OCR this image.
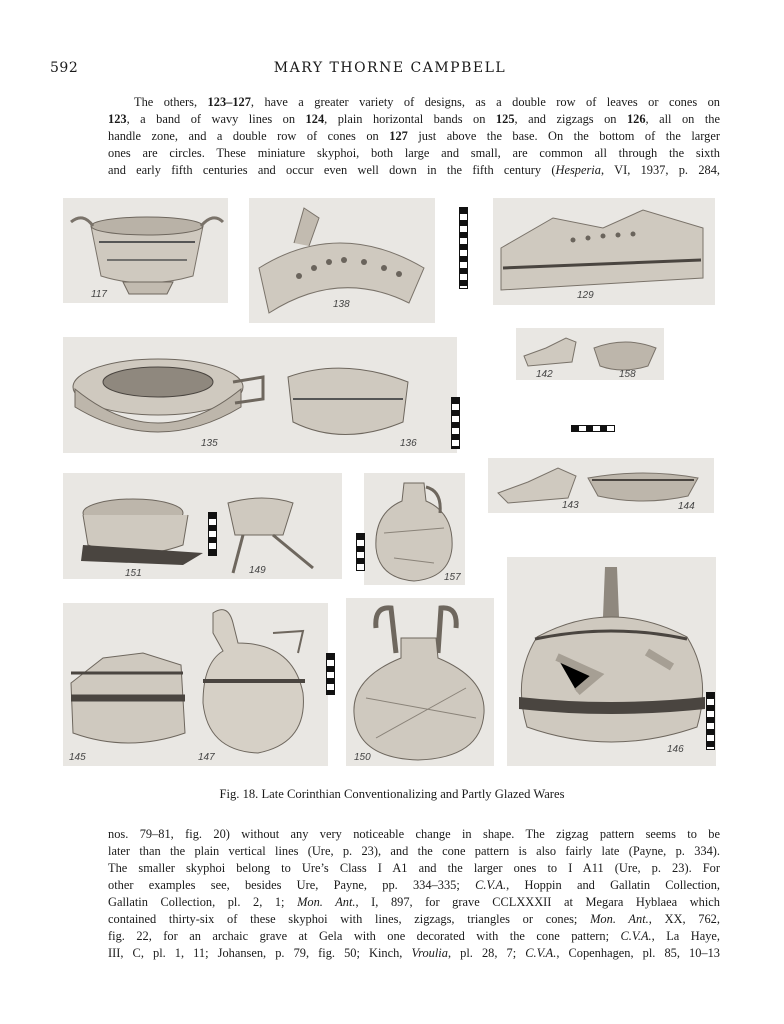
592	MARY THORNE CAMPBELL
The others, 123–127, have a greater variety of designs, as a double row of leaves or cones on
123, a band of wavy lines on 124, plain horizontal bands on 125, and zigzags on 126, all on the
handle zone, and a double row of cones on 127 just above the base. On the bottom of the larger
ones are circles. These miniature skyphoi, both large and small, are common all through the sixth
and early fifth centuries and occur even well down in the fifth century (Hesperia, VI, 1937, p. 284,
117
138
129
142	158
135	136
143	144
151	149
157
145	147	150
146
Fig. 18. Late Corinthian Conventionalizing and Partly Glazed Wares
nos. 79–81, fig. 20) without any very noticeable change in shape. The zigzag pattern seems to be
later than the plain vertical lines (Ure, p. 23), and the cone pattern is also fairly late (Payne, p. 334).
The smaller skyphoi belong to Ure’s Class I A1 and the larger ones to I A11 (Ure, p. 23). For
other examples see, besides Ure, Payne, pp. 334–335; C.V.A., Hoppin and Gallatin Collection,
Gallatin Collection, pl. 2, 1; Mon. Ant., I, 897, for grave CCLXXXII at Megara Hyblaea which
contained thirty-six of these skyphoi with lines, zigzags, triangles or cones; Mon. Ant., XX, 762,
fig. 22, for an archaic grave at Gela with one decorated with the cone pattern; C.V.A., La Haye,
III, C, pl. 1, 11; Johansen, p. 79, fig. 50; Kinch, Vroulia, pl. 28, 7; C.V.A., Copenhagen, pl. 85, 10–13
